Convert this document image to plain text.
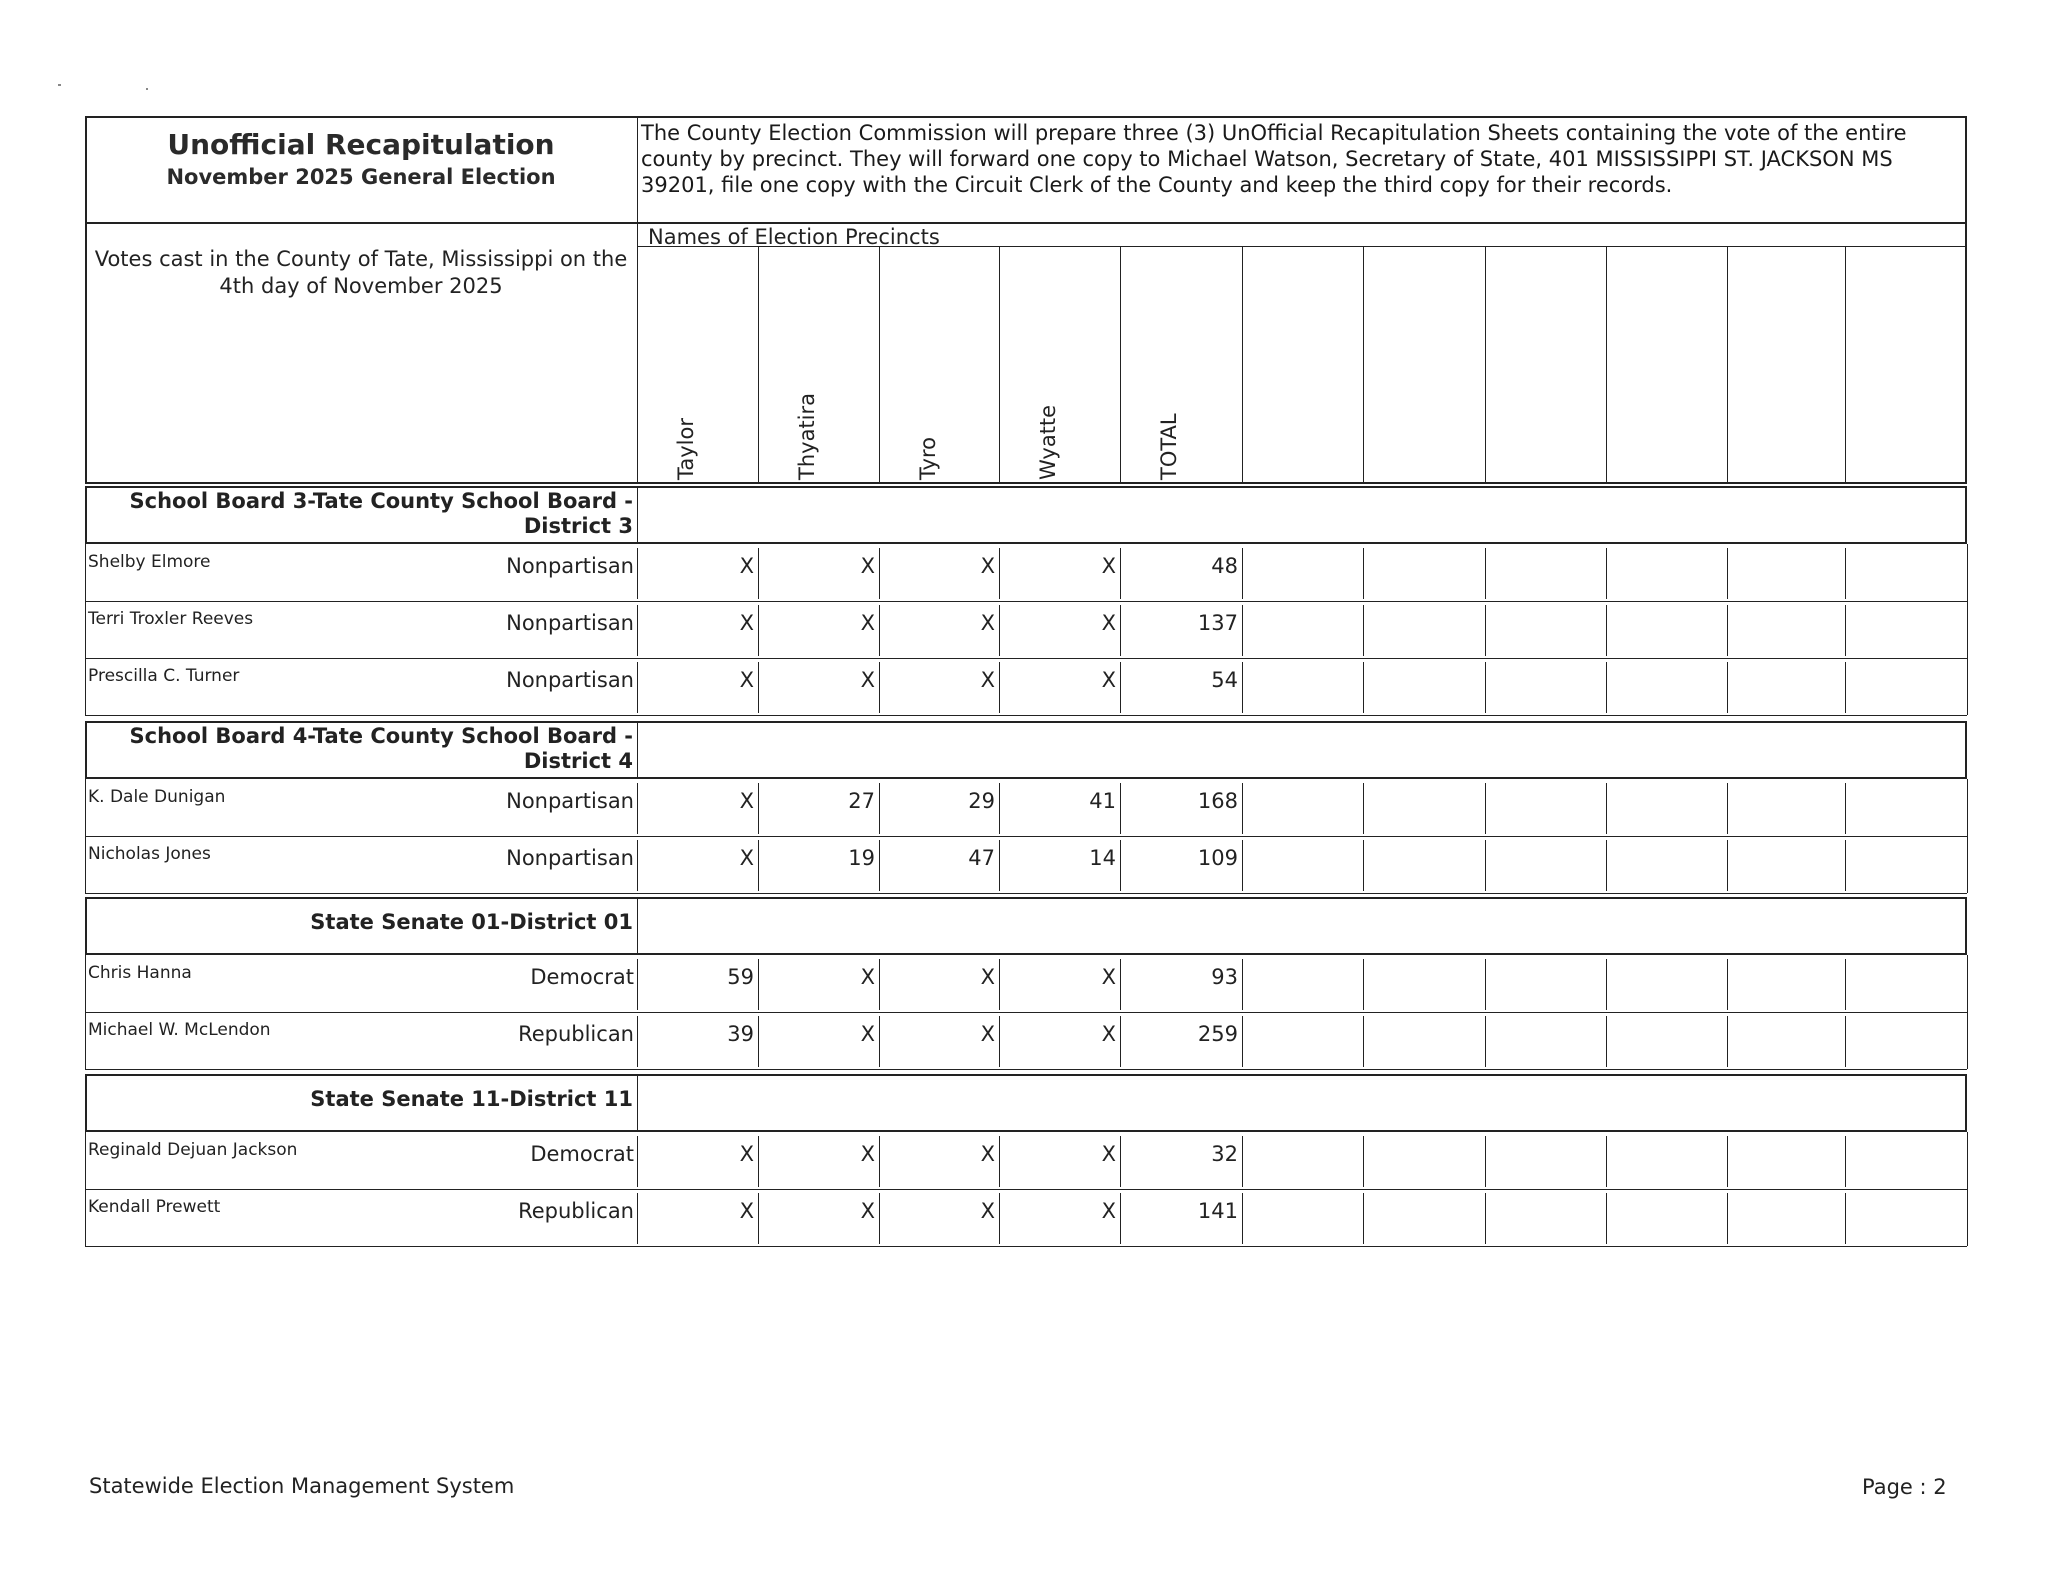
Unofficial Recapitulation
November 2025 General Election
The County Election Commission will prepare three (3) UnOfficial Recapitulation Sheets containing the vote of the entire county by precinct. They will forward one copy to Michael Watson, Secretary of State, 401 MISSISSIPPI ST. JACKSON MS 39201, file one copy with the Circuit Clerk of the County and keep the third copy for their records.
Names of Election Precincts
Votes cast in the County of Tate, Mississippi on the 4th day of November 2025
Taylor	Thyatira	Tyro	Wyatte	TOTAL
School Board 3-Tate County School Board - District 3
Shelby Elmore	Nonpartisan	X	X	X	X	48
Terri Troxler Reeves	Nonpartisan	X	X	X	X	137
Prescilla C. Turner	Nonpartisan	X	X	X	X	54
School Board 4-Tate County School Board - District 4
K. Dale Dunigan	Nonpartisan	X	27	29	41	168
Nicholas Jones	Nonpartisan	X	19	47	14	109
State Senate 01-District 01
Chris Hanna	Democrat	59	X	X	X	93
Michael W. McLendon	Republican	39	X	X	X	259
State Senate 11-District 11
Reginald Dejuan Jackson	Democrat	X	X	X	X	32
Kendall Prewett	Republican	X	X	X	X	141
Statewide Election Management System	Page : 2
